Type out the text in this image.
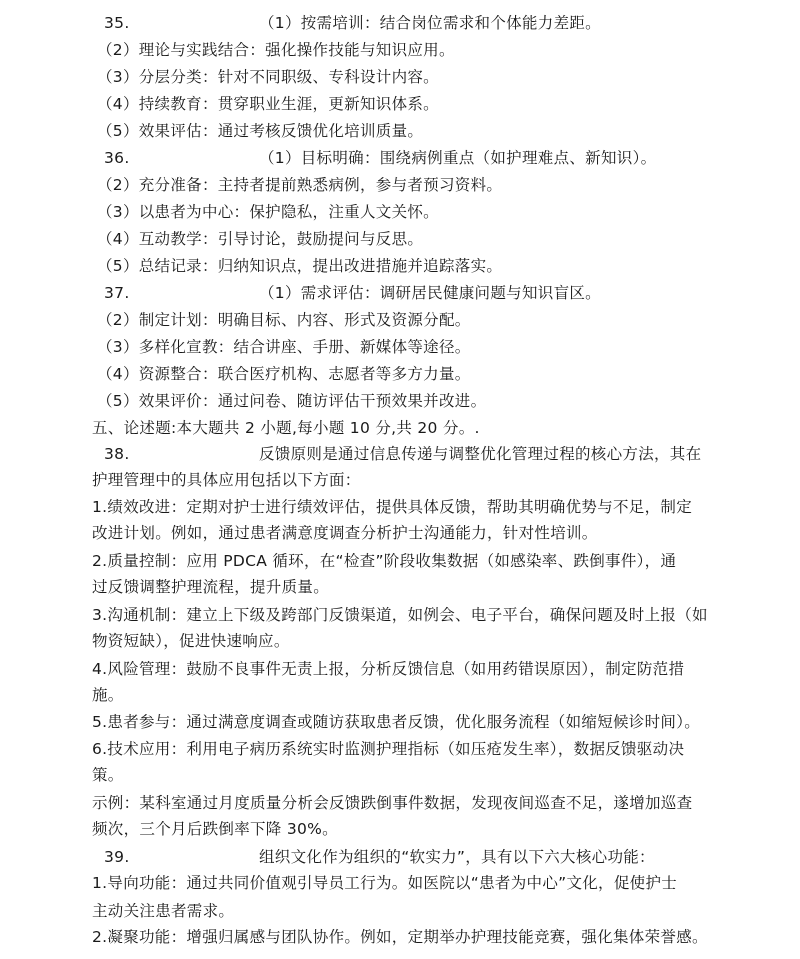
35.	（1）按需培训：结合岗位需求和个体能力差距。
（2）理论与实践结合：强化操作技能与知识应用。
（3）分层分类：针对不同职级、专科设计内容。
（4）持续教育：贯穿职业生涯，更新知识体系。
（5）效果评估：通过考核反馈优化培训质量。
36.	（1）目标明确：围绕病例重点（如护理难点、新知识）。
（2）充分准备：主持者提前熟悉病例，参与者预习资料。
（3）以患者为中心：保护隐私，注重人文关怀。
（4）互动教学：引导讨论，鼓励提问与反思。
（5）总结记录：归纳知识点，提出改进措施并追踪落实。
37.	（1）需求评估：调研居民健康问题与知识盲区。
（2）制定计划：明确目标、内容、形式及资源分配。
（3）多样化宣教：结合讲座、手册、新媒体等途径。
（4）资源整合：联合医疗机构、志愿者等多方力量。
（5）效果评价：通过问卷、随访评估干预效果并改进。
五、论述题:本大题共 2 小题,每小题 10 分,共 20 分。.
38.	反馈原则是通过信息传递与调整优化管理过程的核心方法，其在
护理管理中的具体应用包括以下方面：
1.绩效改进：定期对护士进行绩效评估，提供具体反馈，帮助其明确优势与不足，制定
改进计划。例如，通过患者满意度调查分析护士沟通能力，针对性培训。
2.质量控制：应用 PDCA 循环，在“检查”阶段收集数据（如感染率、跌倒事件），通
过反馈调整护理流程，提升质量。
3.沟通机制：建立上下级及跨部门反馈渠道，如例会、电子平台，确保问题及时上报（如
物资短缺），促进快速响应。
4.风险管理：鼓励不良事件无责上报，分析反馈信息（如用药错误原因），制定防范措
施。
5.患者参与：通过满意度调查或随访获取患者反馈，优化服务流程（如缩短候诊时间）。
6.技术应用：利用电子病历系统实时监测护理指标（如压疮发生率），数据反馈驱动决
策。
示例：某科室通过月度质量分析会反馈跌倒事件数据，发现夜间巡查不足，遂增加巡查
频次，三个月后跌倒率下降 30%。
39.	组织文化作为组织的“软实力”，具有以下六大核心功能：
1.导向功能：通过共同价值观引导员工行为。如医院以“患者为中心”文化，促使护士
主动关注患者需求。
2.凝聚功能：增强归属感与团队协作。例如，定期举办护理技能竞赛，强化集体荣誉感。
